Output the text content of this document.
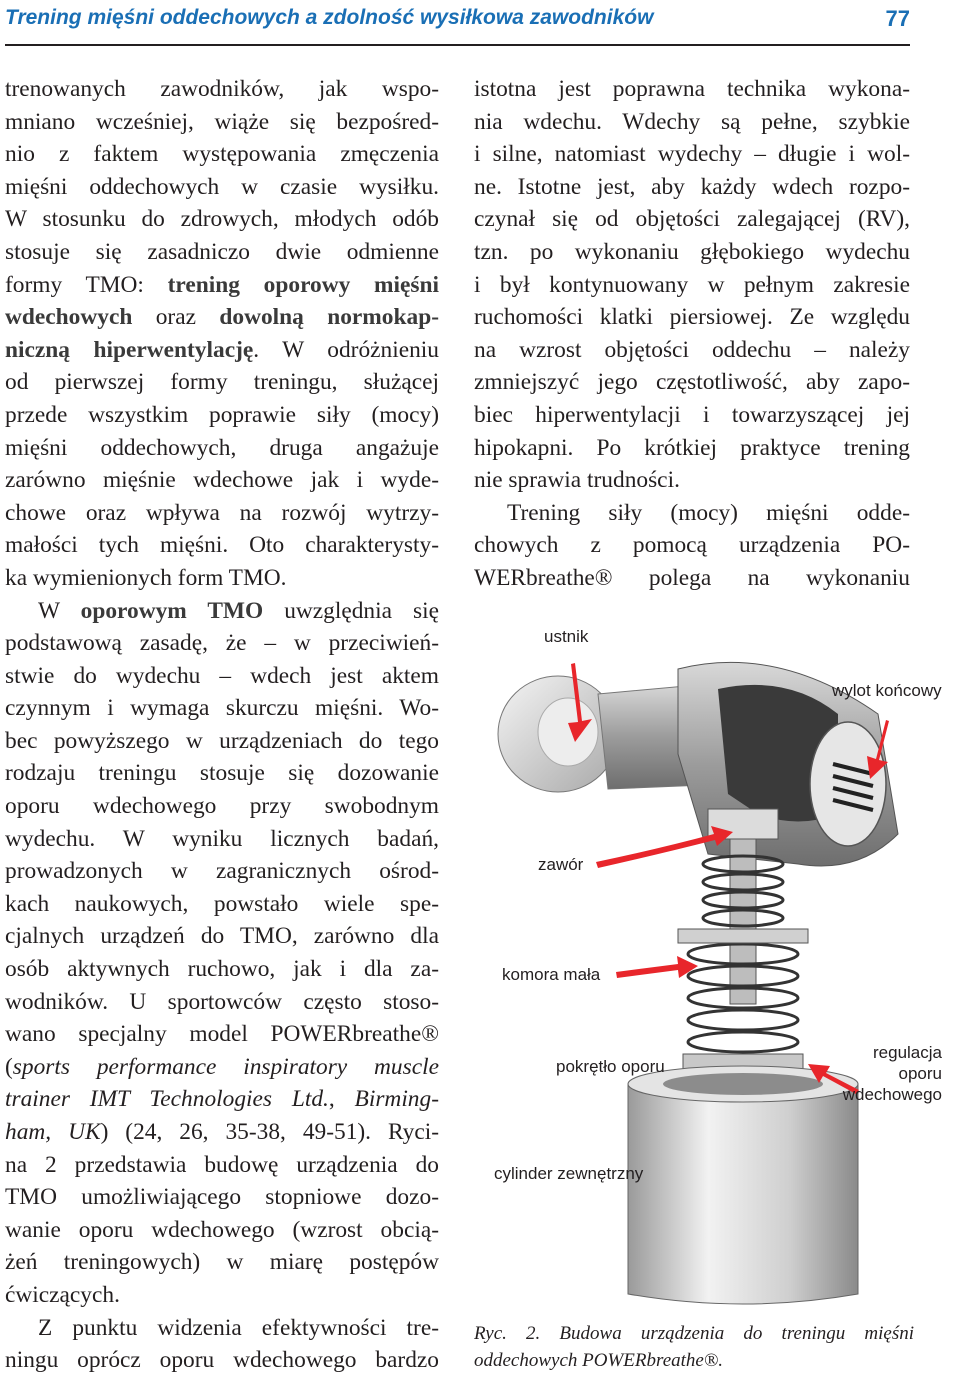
Trening mięśni oddechowych a zdolność wysiłkowa zawodników	77
trenowanych zawodników, jak wspo-
mniano wcześniej, wiąże się bezpośred-
nio z faktem występowania zmęczenia
mięśni oddechowych w czasie wysiłku.
W stosunku do zdrowych, młodych odób
stosuje się zasadniczo dwie odmienne
formy TMO: trening oporowy mięśni
wdechowych oraz dowolną normokap-
niczną hiperwentylację. W odróżnieniu
od pierwszej formy treningu, służącej
przede wszystkim poprawie siły (mocy)
mięśni oddechowych, druga angażuje
zarówno mięśnie wdechowe jak i wyde-
chowe oraz wpływa na rozwój wytrzy-
małości tych mięśni. Oto charakterysty-
ka wymienionych form TMO.
W oporowym TMO uwzględnia się
podstawową zasadę, że – w przeciwień-
stwie do wydechu – wdech jest aktem
czynnym i wymaga skurczu mięśni. Wo-
bec powyższego w urządzeniach do tego
rodzaju treningu stosuje się dozowanie
oporu wdechowego przy swobodnym
wydechu. W wyniku licznych badań,
prowadzonych w zagranicznych ośrod-
kach naukowych, powstało wiele spe-
cjalnych urządzeń do TMO, zarówno dla
osób aktywnych ruchowo, jak i dla za-
wodników. U sportowców często stoso-
wano specjalny model POWERbreathe®
(sports performance inspiratory muscle
trainer IMT Technologies Ltd., Birming-
ham, UK) (24, 26, 35-38, 49-51). Ryci-
na 2 przedstawia budowę urządzenia do
TMO umożliwiającego stopniowe dozo-
wanie oporu wdechowego (wzrost obcią-
żeń treningowych) w miarę postępów
ćwiczących.
Z punktu widzenia efektywności tre-
ningu oprócz oporu wdechowego bardzo
istotna jest poprawna technika wykona-
nia wdechu. Wdechy są pełne, szybkie
i silne, natomiast wydechy – długie i wol-
ne. Istotne jest, aby każdy wdech rozpo-
czynał się od objętości zalegającej (RV),
tzn. po wykonaniu głębokiego wydechu
i był kontynuowany w pełnym zakresie
ruchomości klatki piersiowej. Ze względu
na wzrost objętości oddechu – należy
zmniejszyć jego częstotliwość, aby zapo-
biec hiperwentylacji i towarzyszącej jej
hipokapni. Po krótkiej praktyce trening
nie sprawia trudności.
Trening siły (mocy) mięśni odde-
chowych z pomocą urządzenia PO-
WERbreathe® polega na wykonaniu
ustnik
wylot końcowy
zawór
komora mała
pokrętło oporu
regulacja
oporu
wdechowego
cylinder zewnętrzny
Ryc. 2. Budowa urządzenia do treningu mięśni
oddechowych POWERbreathe®.
